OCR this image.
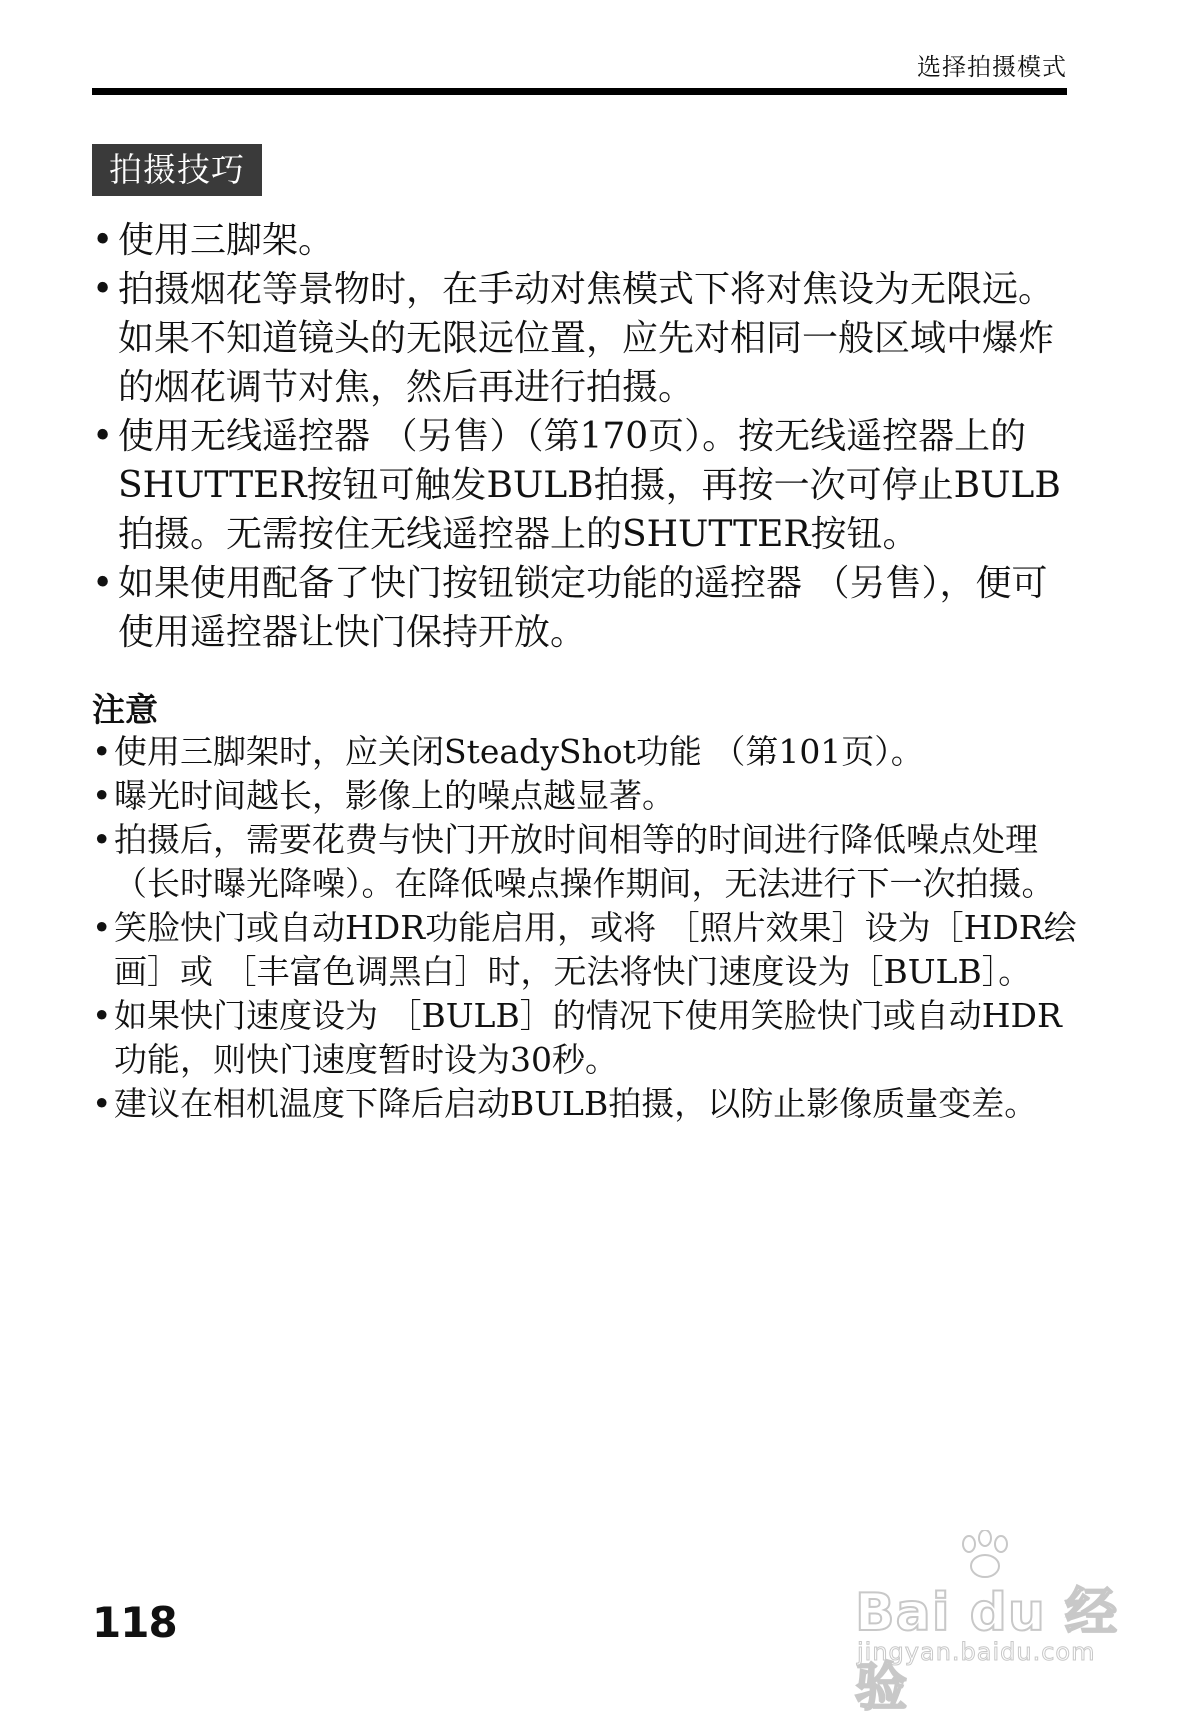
选择拍摄模式
拍摄技巧
• 使用三脚架。
• 拍摄烟花等景物时，在手动对焦模式下将对焦设为无限远。如果不知道镜头的无限远位置，应先对相同一般区域中爆炸的烟花调节对焦，然后再进行拍摄。
• 使用无线遥控器 （另售）（第170页）。按无线遥控器上的SHUTTER按钮可触发BULB拍摄，再按一次可停止BULB拍摄。无需按住无线遥控器上的SHUTTER按钮。
• 如果使用配备了快门按钮锁定功能的遥控器 （另售），便可使用遥控器让快门保持开放。
注意
• 使用三脚架时，应关闭SteadyShot功能 （第101页）。
• 曝光时间越长，影像上的噪点越显著。
• 拍摄后，需要花费与快门开放时间相等的时间进行降低噪点处理 （长时曝光降噪）。在降低噪点操作期间，无法进行下一次拍摄。
• 笑脸快门或自动HDR功能启用，或将 ［照片效果］设为［HDR绘画］或 ［丰富色调黑白］时，无法将快门速度设为［BULB］。
• 如果快门速度设为 ［BULB］的情况下使用笑脸快门或自动HDR功能，则快门速度暂时设为30秒。
• 建议在相机温度下降后启动BULB拍摄，以防止影像质量变差。
118	Bai du 经验
jingyan.baidu.com
